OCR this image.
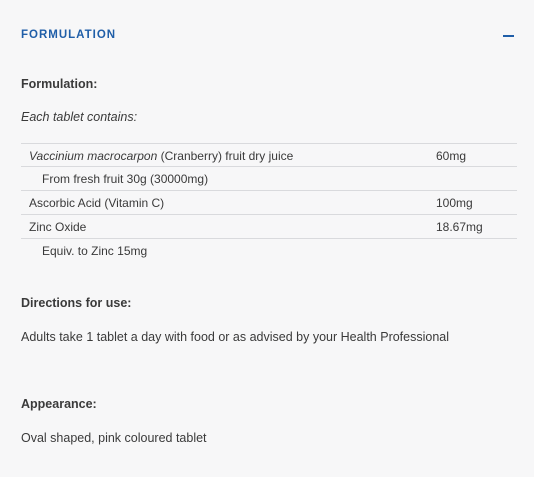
FORMULATION
Formulation:
Each tablet contains:
Vaccinium macrocarpon (Cranberry) fruit dry juice	60mg
From fresh fruit 30g (30000mg)
Ascorbic Acid (Vitamin C)	100mg
Zinc Oxide	18.67mg
Equiv. to Zinc 15mg
Directions for use:
Adults take 1 tablet a day with food or as advised by your Health Professional
Appearance:
Oval shaped, pink coloured tablet
